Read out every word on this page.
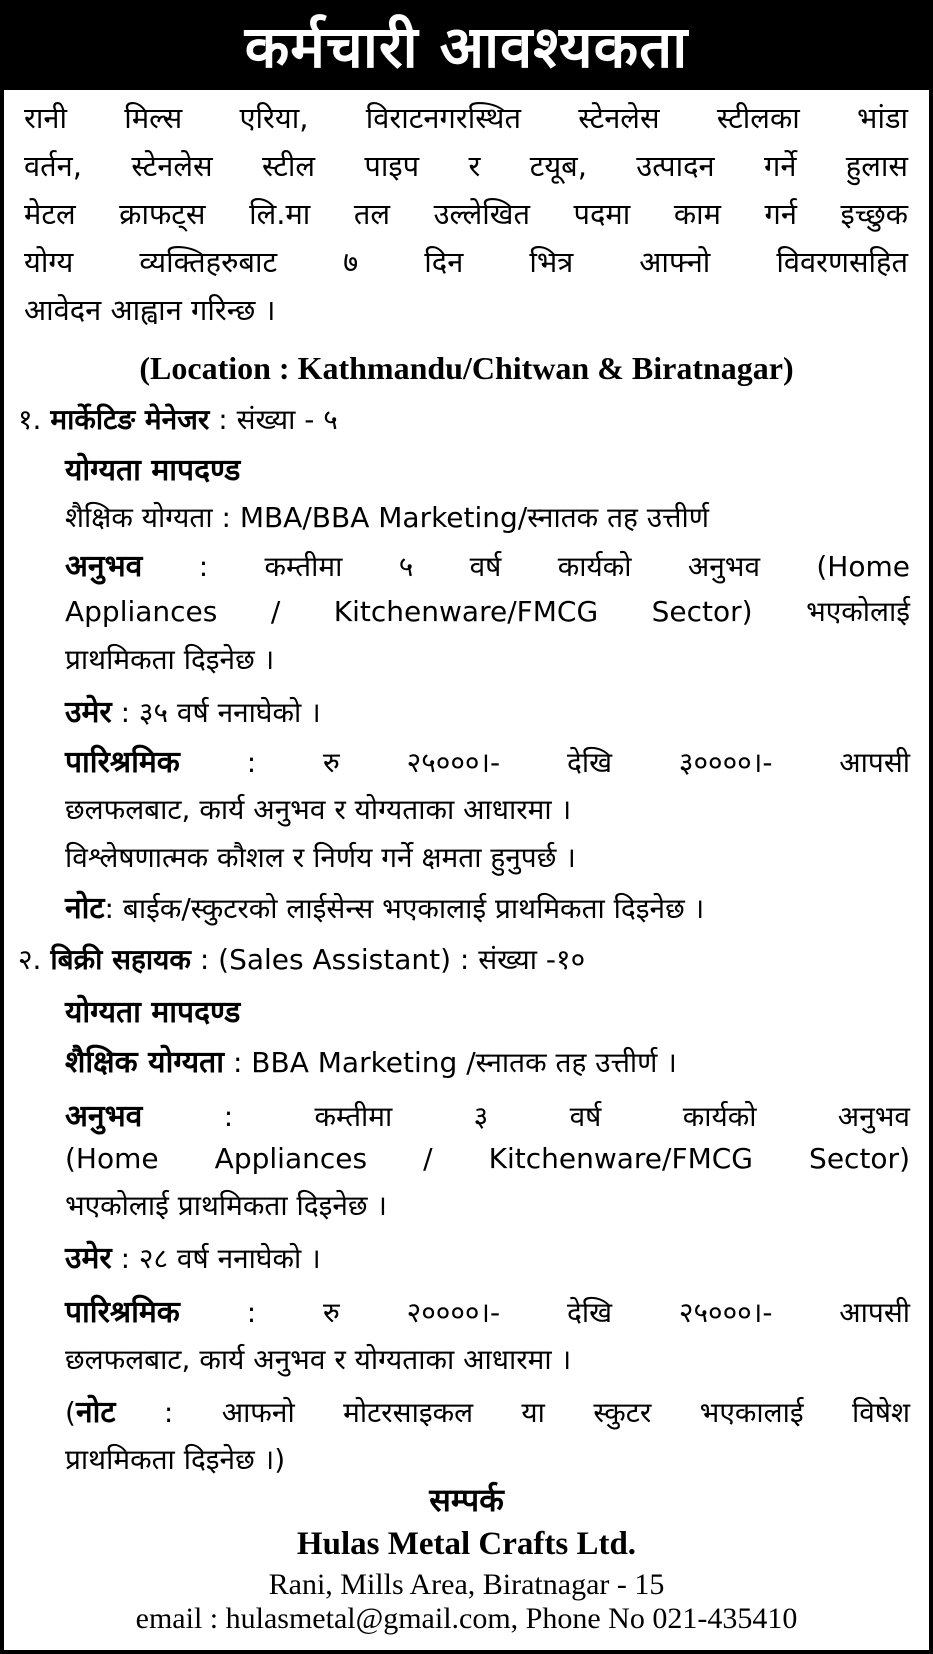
कर्मचारी आवश्यकता

रानी मिल्स एरिया, विराटनगरस्थित स्टेनलेस स्टीलका भांडा

वर्तन, स्टेनलेस स्टील पाइप र टयूब, उत्पादन गर्ने हुलास

मेटल क्राफट्स लि.मा तल उल्लेखित पदमा काम गर्न इच्छुक

योग्य व्यक्तिहरुबाट ७ दिन भित्र आफ्नो विवरणसहित

आवेदन आह्वान गरिन्छ ।

(Location : Kathmandu/Chitwan & Biratnagar)

१. मार्केटिङ मेनेजर : संख्या - ५

योग्यता मापदण्ड

शैक्षिक योग्यता : MBA/BBA Marketing/स्नातक तह उत्तीर्ण

अनुभव : कम्तीमा ५ वर्ष कार्यको अनुभव (Home

Appliances / Kitchenware/FMCG Sector) भएकोलाई

प्राथमिकता दिइनेछ ।

उमेर : ३५ वर्ष ननाघेको ।

पारिश्रमिक : रु २५०००।- देखि ३००००।- आपसी

छलफलबाट, कार्य अनुभव र योग्यताका आधारमा ।

विश्लेषणात्मक कौशल र निर्णय गर्ने क्षमता हुनुपर्छ ।

नोट: बाईक/स्कुटरको लाईसेन्स भएकालाई प्राथमिकता दिइनेछ ।

२. बिक्री सहायक : (Sales Assistant) : संख्या -१०

योग्यता मापदण्ड

शैक्षिक योग्यता : BBA Marketing /स्नातक तह उत्तीर्ण ।

अनुभव	: कम्तीमा ३ वर्ष कार्यको अनुभव

(Home Appliances / Kitchenware/FMCG Sector)

भएकोलाई प्राथमिकता दिइनेछ ।

उमेर : २८ वर्ष ननाघेको ।

पारिश्रमिक : रु २००००।- देखि २५०००।- आपसी

छलफलबाट, कार्य अनुभव र योग्यताका आधारमा ।

(नोट : आफनो मोटरसाइकल या स्कुटर भएकालाई विषेश

प्राथमिकता दिइनेछ ।)

सम्पर्क

Hulas Metal Crafts Ltd.

Rani, Mills Area, Biratnagar - 15

email : hulasmetal@gmail.com, Phone No 021-435410
